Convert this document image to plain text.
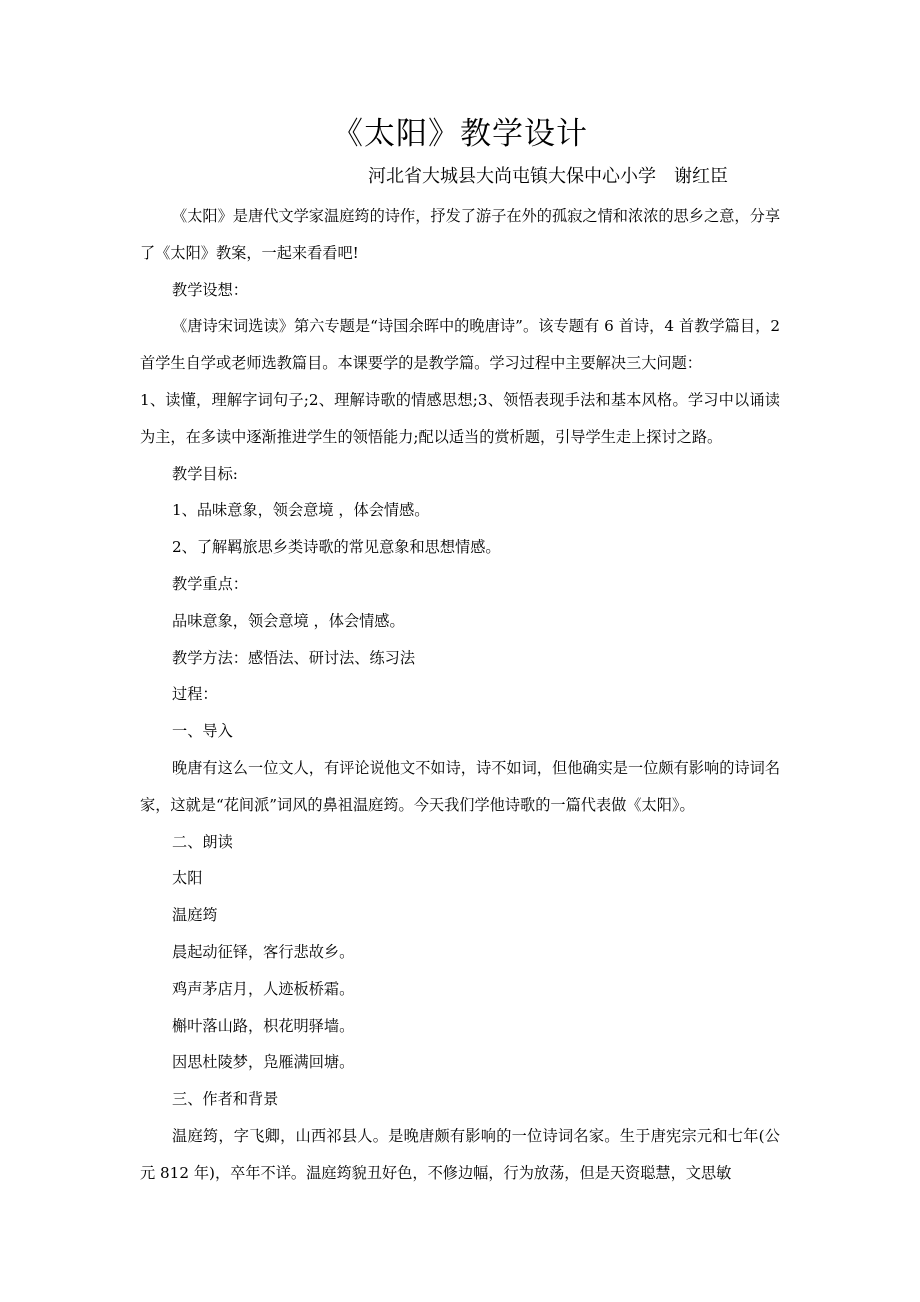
《太阳》教学设计
河北省大城县大尚屯镇大保中心小学　谢红臣

《太阳》是唐代文学家温庭筠的诗作，抒发了游子在外的孤寂之情和浓浓的思乡之意，分享了《太阳》教案，一起来看看吧!

教学设想：

《唐诗宋词选读》第六专题是“诗国余晖中的晚唐诗”。该专题有 6 首诗，4 首教学篇目，2 首学生自学或老师选教篇目。本课要学的是教学篇。学习过程中主要解决三大问题：

1、读懂，理解字词句子;2、理解诗歌的情感思想;3、领悟表现手法和基本风格。学习中以诵读为主，在多读中逐渐推进学生的领悟能力;配以适当的赏析题，引导学生走上探讨之路。

教学目标:

1、品味意象，领会意境 ，体会情感。

2、了解羁旅思乡类诗歌的常见意象和思想情感。

教学重点：

品味意象，领会意境 ，体会情感。

教学方法：感悟法、研讨法、练习法

过程：

一、导入

晚唐有这么一位文人，有评论说他文不如诗，诗不如词，但他确实是一位颇有影响的诗词名家，这就是“花间派”词风的鼻祖温庭筠。今天我们学他诗歌的一篇代表做《太阳》。

二、朗读

太阳

温庭筠

晨起动征铎，客行悲故乡。

鸡声茅店月，人迹板桥霜。

槲叶落山路，枳花明驿墙。

因思杜陵梦，凫雁满回塘。

三、作者和背景

温庭筠，字飞卿，山西祁县人。是晚唐颇有影响的一位诗词名家。生于唐宪宗元和七年(公元 812 年)，卒年不详。温庭筠貌丑好色，不修边幅，行为放荡，但是天资聪慧，文思敏
